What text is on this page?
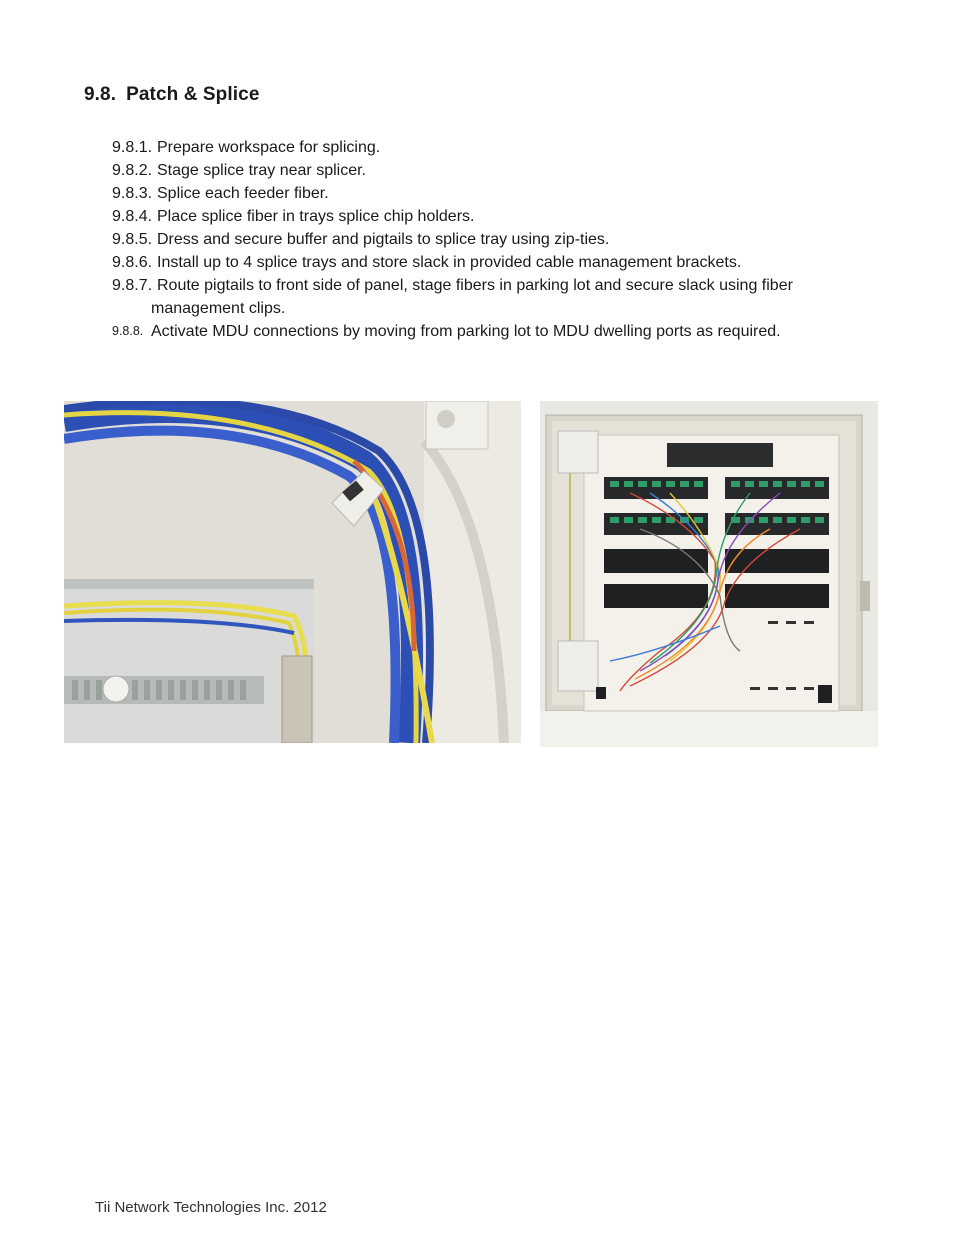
9.8. Patch & Splice
9.8.1. Prepare workspace for splicing.
9.8.2. Stage splice tray near splicer.
9.8.3. Splice each feeder fiber.
9.8.4. Place splice fiber in trays splice chip holders.
9.8.5. Dress and secure buffer and pigtails to splice tray using zip-ties.
9.8.6. Install up to 4 splice trays and store slack in provided cable management brackets.
9.8.7. Route pigtails to front side of panel, stage fibers in parking lot and secure slack using fiber
management clips.
9.8.8. Activate MDU connections by moving from parking lot to MDU dwelling ports as required.
Tii Network Technologies Inc. 2012
